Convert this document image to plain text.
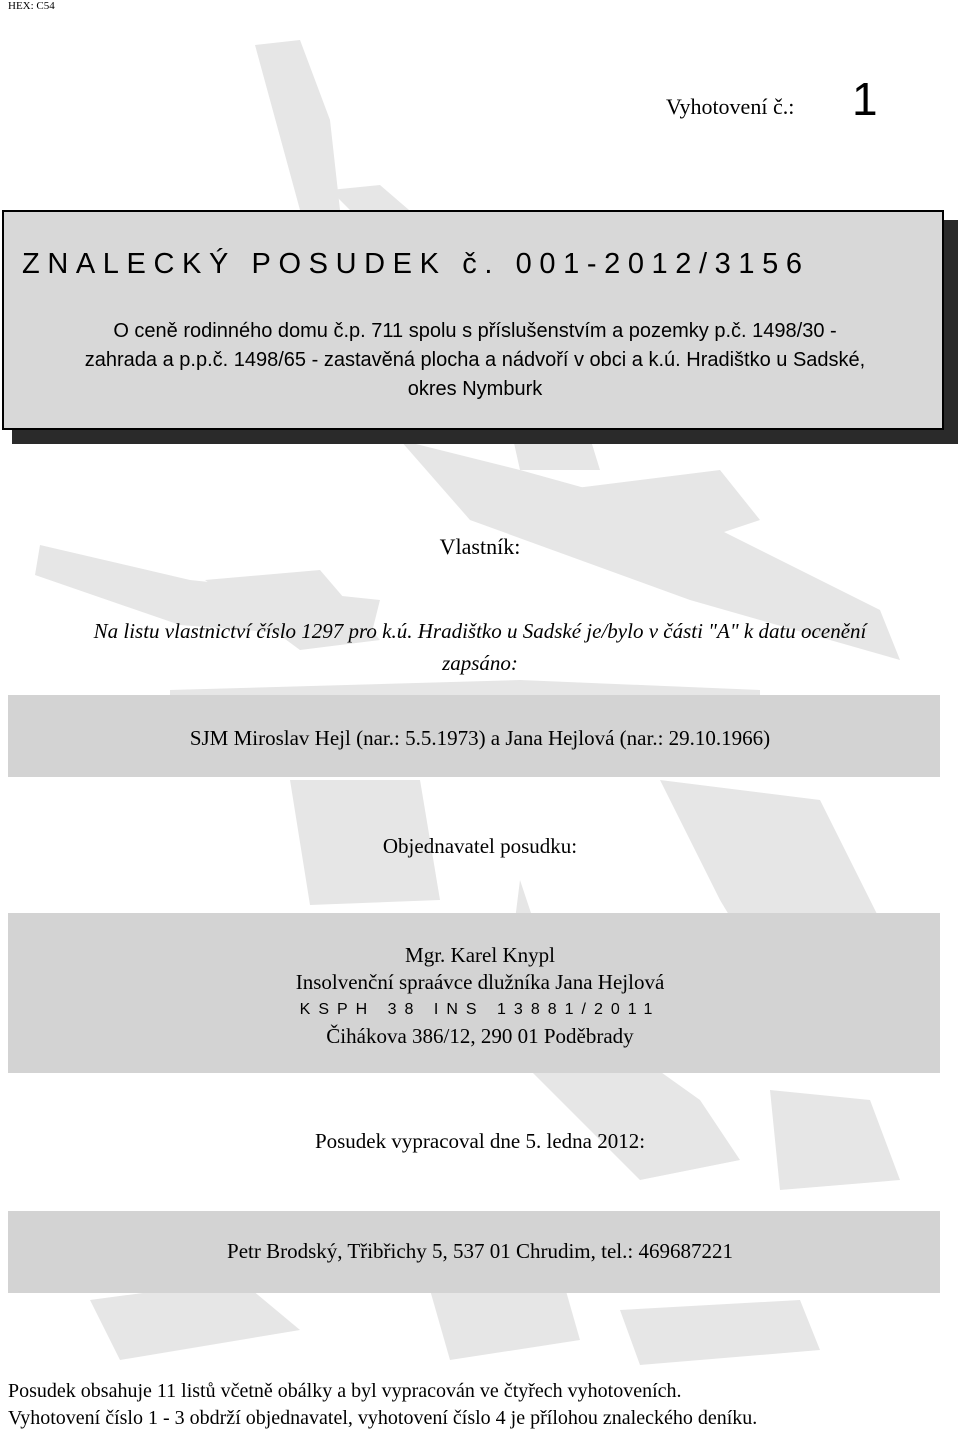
HEX: C54
Vyhotovení č.: 1
ZNALECKÝ POSUDEK č. 001-2012/3156
O ceně rodinného domu č.p. 711 spolu s příslušenstvím a pozemky p.č. 1498/30 -
zahrada a p.p.č. 1498/65 - zastavěná plocha a nádvoří v obci a k.ú. Hradištko u Sadské,
okres Nymburk
Vlastník:
Na listu vlastnictví číslo 1297 pro k.ú. Hradištko u Sadské je/bylo v části "A" k datu ocenění
zapsáno:
SJM Miroslav Hejl (nar.: 5.5.1973) a Jana Hejlová (nar.: 29.10.1966)
Objednavatel posudku:
Mgr. Karel Knypl
Insolvenční spraávce dlužníka Jana Hejlová
KSPH 38 INS 13881/2011
Čihákova 386/12, 290 01 Poděbrady
Posudek vypracoval dne 5. ledna 2012:
Petr Brodský, Třibřichy 5, 537 01 Chrudim, tel.: 469687221
Posudek obsahuje 11 listů včetně obálky a byl vypracován ve čtyřech vyhotoveních.
Vyhotovení číslo 1 - 3 obdrží objednavatel, vyhotovení číslo 4 je přílohou znaleckého deníku.
